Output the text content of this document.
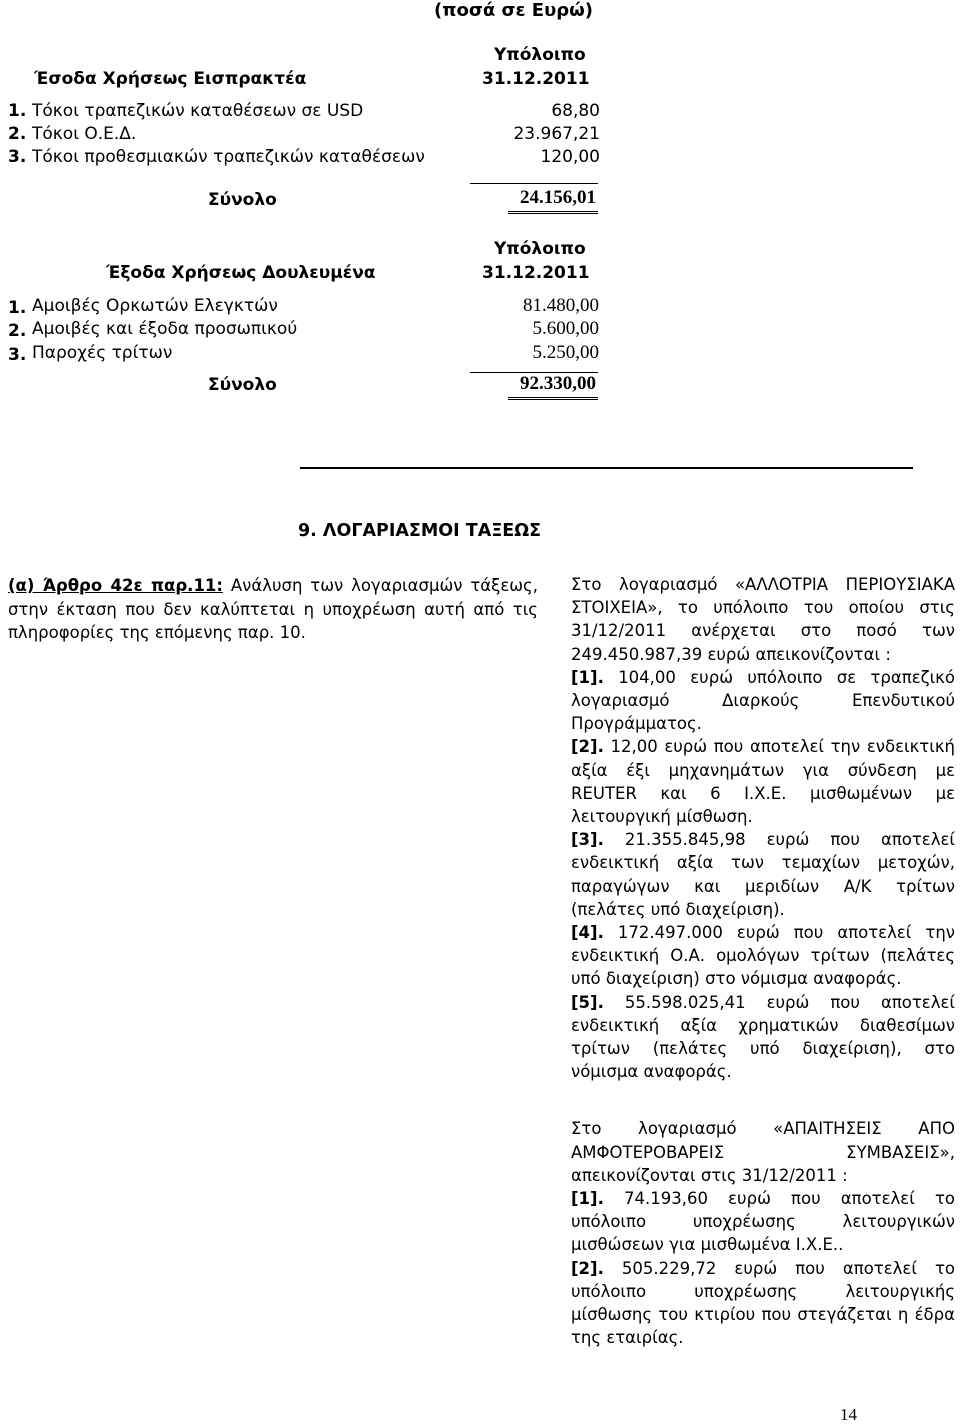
(ποσά σε Ευρώ)
Υπόλοιπο
Έσοδα Χρήσεως Εισπρακτέα	31.12.2011
1. Τόκοι τραπεζικών καταθέσεων σε USD	68,80
2. Τόκοι Ο.Ε.Δ.	23.967,21
3. Τόκοι προθεσμιακών τραπεζικών καταθέσεων	120,00
Σύνολο	24.156,01
Υπόλοιπο
Έξοδα Χρήσεως Δουλευμένα	31.12.2011
1. Αμοιβές Ορκωτών Ελεγκτών	81.480,00
2. Αμοιβές και έξοδα προσωπικού	5.600,00
3. Παροχές τρίτων	5.250,00
Σύνολο	92.330,00
9. ΛΟΓΑΡΙΑΣΜΟΙ ΤΑΞΕΩΣ

(α) Άρθρο 42ε παρ.11: Ανάλυση των λογαριασμών τάξεως, στην έκταση που δεν καλύπτεται η υποχρέωση αυτή από τις πληροφορίες της επόμενης παρ. 10.

Στο λογαριασμό «ΑΛΛΟΤΡΙΑ ΠΕΡΙΟΥΣΙΑΚΑ ΣΤΟΙΧΕΙΑ», το υπόλοιπο του οποίου στις 31/12/2011 ανέρχεται στο ποσό των 249.450.987,39 ευρώ απεικονίζονται :

[1]. 104,00 ευρώ υπόλοιπο σε τραπεζικό λογαριασμό Διαρκούς Επενδυτικού Προγράμματος.

[2]. 12,00 ευρώ που αποτελεί την ενδεικτική αξία έξι μηχανημάτων για σύνδεση με REUTER και 6 Ι.Χ.Ε. μισθωμένων με λειτουργική μίσθωση.

[3]. 21.355.845,98 ευρώ που αποτελεί ενδεικτική αξία των τεμαχίων μετοχών, παραγώγων και μεριδίων Α/Κ τρίτων (πελάτες υπό διαχείριση).

[4]. 172.497.000 ευρώ που αποτελεί την ενδεικτική Ο.Α. ομολόγων τρίτων (πελάτες υπό διαχείριση) στο νόμισμα αναφοράς.

[5]. 55.598.025,41 ευρώ που αποτελεί ενδεικτική αξία χρηματικών διαθεσίμων τρίτων (πελάτες υπό διαχείριση), στο νόμισμα αναφοράς.

Στο λογαριασμό «ΑΠΑΙΤΗΣΕΙΣ ΑΠΟ ΑΜΦΟΤΕΡΟΒΑΡΕΙΣ ΣΥΜΒΑΣΕΙΣ», απεικονίζονται στις 31/12/2011 :

[1]. 74.193,60 ευρώ που αποτελεί το υπόλοιπο υποχρέωσης λειτουργικών μισθώσεων για μισθωμένα Ι.Χ.Ε..

[2]. 505.229,72 ευρώ που αποτελεί το υπόλοιπο υποχρέωσης λειτουργικής μίσθωσης του κτιρίου που στεγάζεται η έδρα της εταιρίας.

14
